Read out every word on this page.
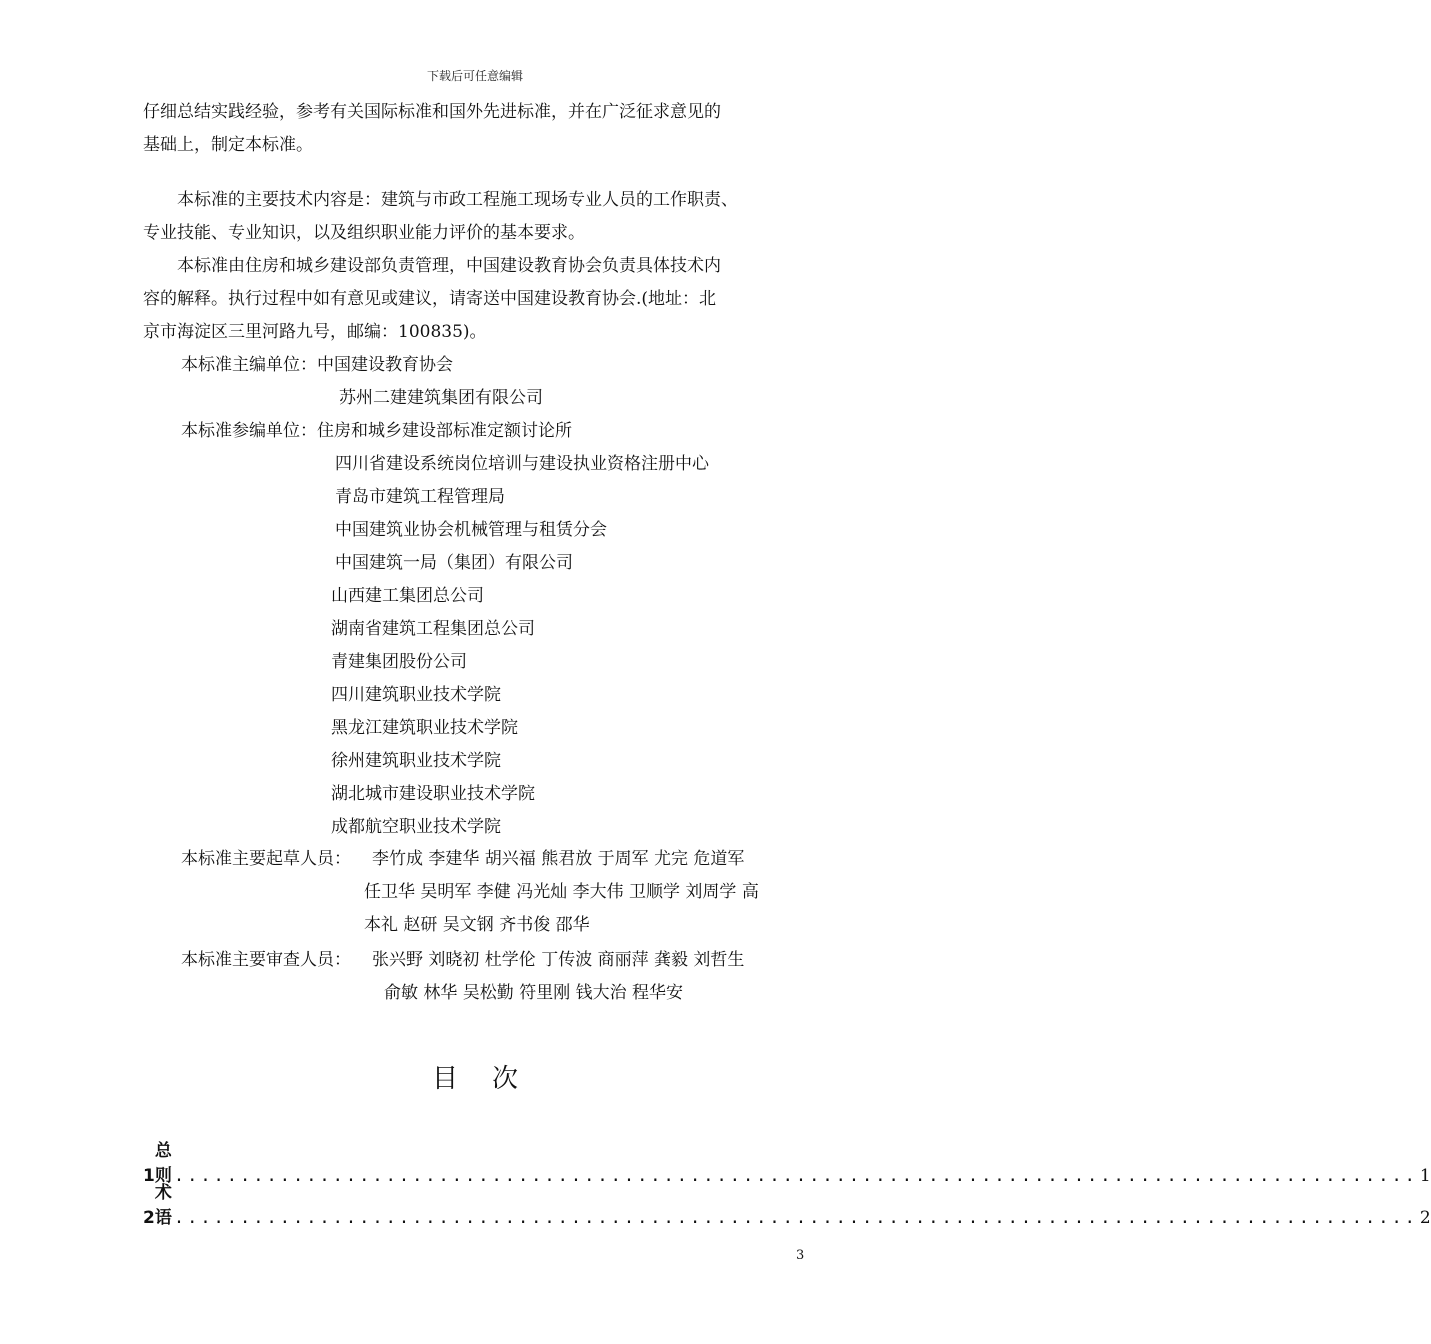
下载后可任意编辑
仔细总结实践经验，参考有关国际标准和国外先进标准，并在广泛征求意见的
基础上，制定本标准。
　　本标准的主要技术内容是：建筑与市政工程施工现场专业人员的工作职责、
专业技能、专业知识，以及组织职业能力评价的基本要求。
　　本标准由住房和城乡建设部负责管理，中国建设教育协会负责具体技术内
容的解释。执行过程中如有意见或建议，请寄送中国建设教育协会.(地址：北
京市海淀区三里河路九号，邮编：100835)。
本标准主编单位： 中国建设教育协会
苏州二建建筑集团有限公司
本标准参编单位： 住房和城乡建设部标准定额讨论所
四川省建设系统岗位培训与建设执业资格注册中心
青岛市建筑工程管理局
中国建筑业协会机械管理与租赁分会
中国建筑一局（集团）有限公司
山西建工集团总公司
湖南省建筑工程集团总公司
青建集团股份公司
四川建筑职业技术学院
黑龙江建筑职业技术学院
徐州建筑职业技术学院
湖北城市建设职业技术学院
成都航空职业技术学院
本标准主要起草人员： 李竹成 李建华 胡兴福 熊君放 于周军 尤完 危道军
任卫华 吴明军 李健 冯光灿 李大伟 卫顺学 刘周学 高
本礼 赵研 吴文钢 齐书俊 邵华
本标准主要审查人员： 张兴野 刘晓初 杜学伦 丁传波 商丽萍 龚毅 刘哲生
俞敏 林华 吴松勤 符里刚 钱大治 程华安
目次
1
总则 .............................................................................................. 1
2
术语 .............................................................................................. 2
3
